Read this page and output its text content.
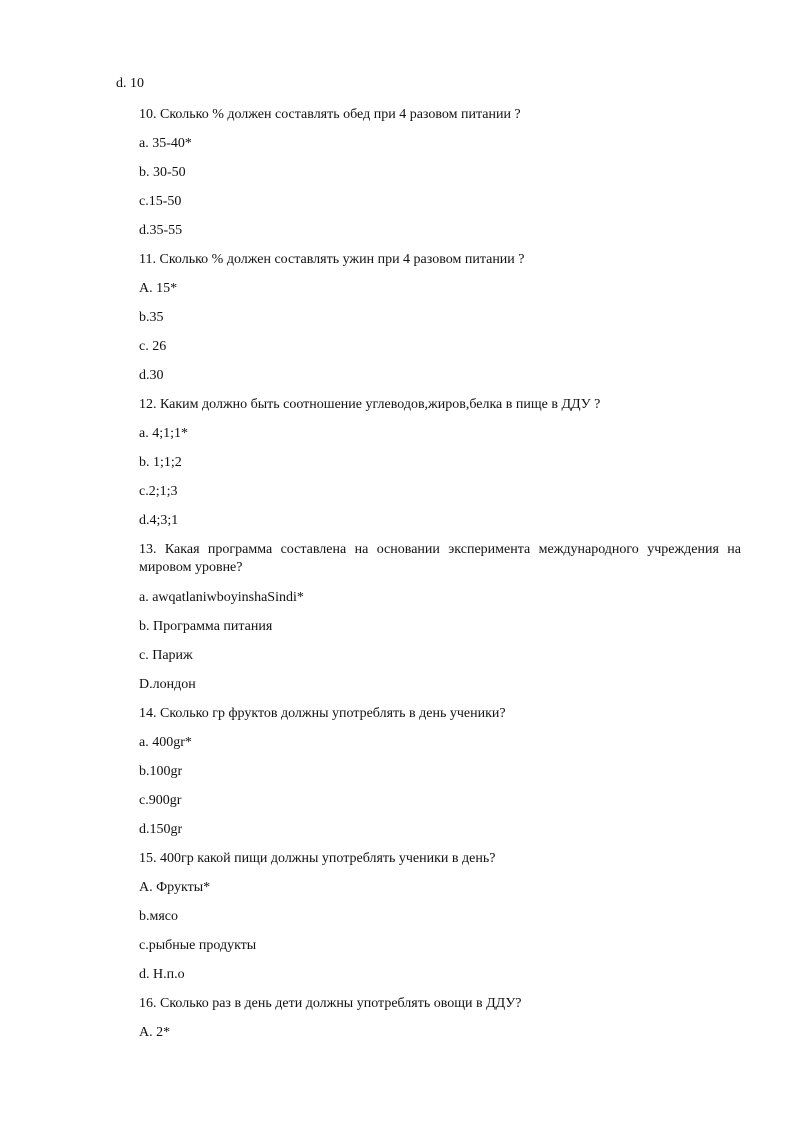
d. 10
10. Сколько % должен составлять обед при 4 разовом питании ?
a. 35-40*
b. 30-50
c.15-50
d.35-55
11. Сколько % должен составлять ужин при 4 разовом питании ?
A. 15*
b.35
c. 26
d.30
12. Каким должно быть соотношение углеводов,жиров,белка в пище в ДДУ ?
a. 4;1;1*
b. 1;1;2
c.2;1;3
d.4;3;1
13. Какая программа составлена на основании эксперимента международного учреждения на мировом уровне?
a. awqatlaniwboyinshaSindi*
b. Программа питания
c. Париж
D.лондон
14. Сколько гр фруктов должны употреблять в день ученики?
a. 400gr*
b.100gr
c.900gr
d.150gr
15. 400гр какой пищи должны употреблять ученики в день?
A. Фрукты*
b.мясо
c.рыбные продукты
d. Н.п.о
16. Сколько раз в день дети должны употреблять овощи в ДДУ?
A. 2*
